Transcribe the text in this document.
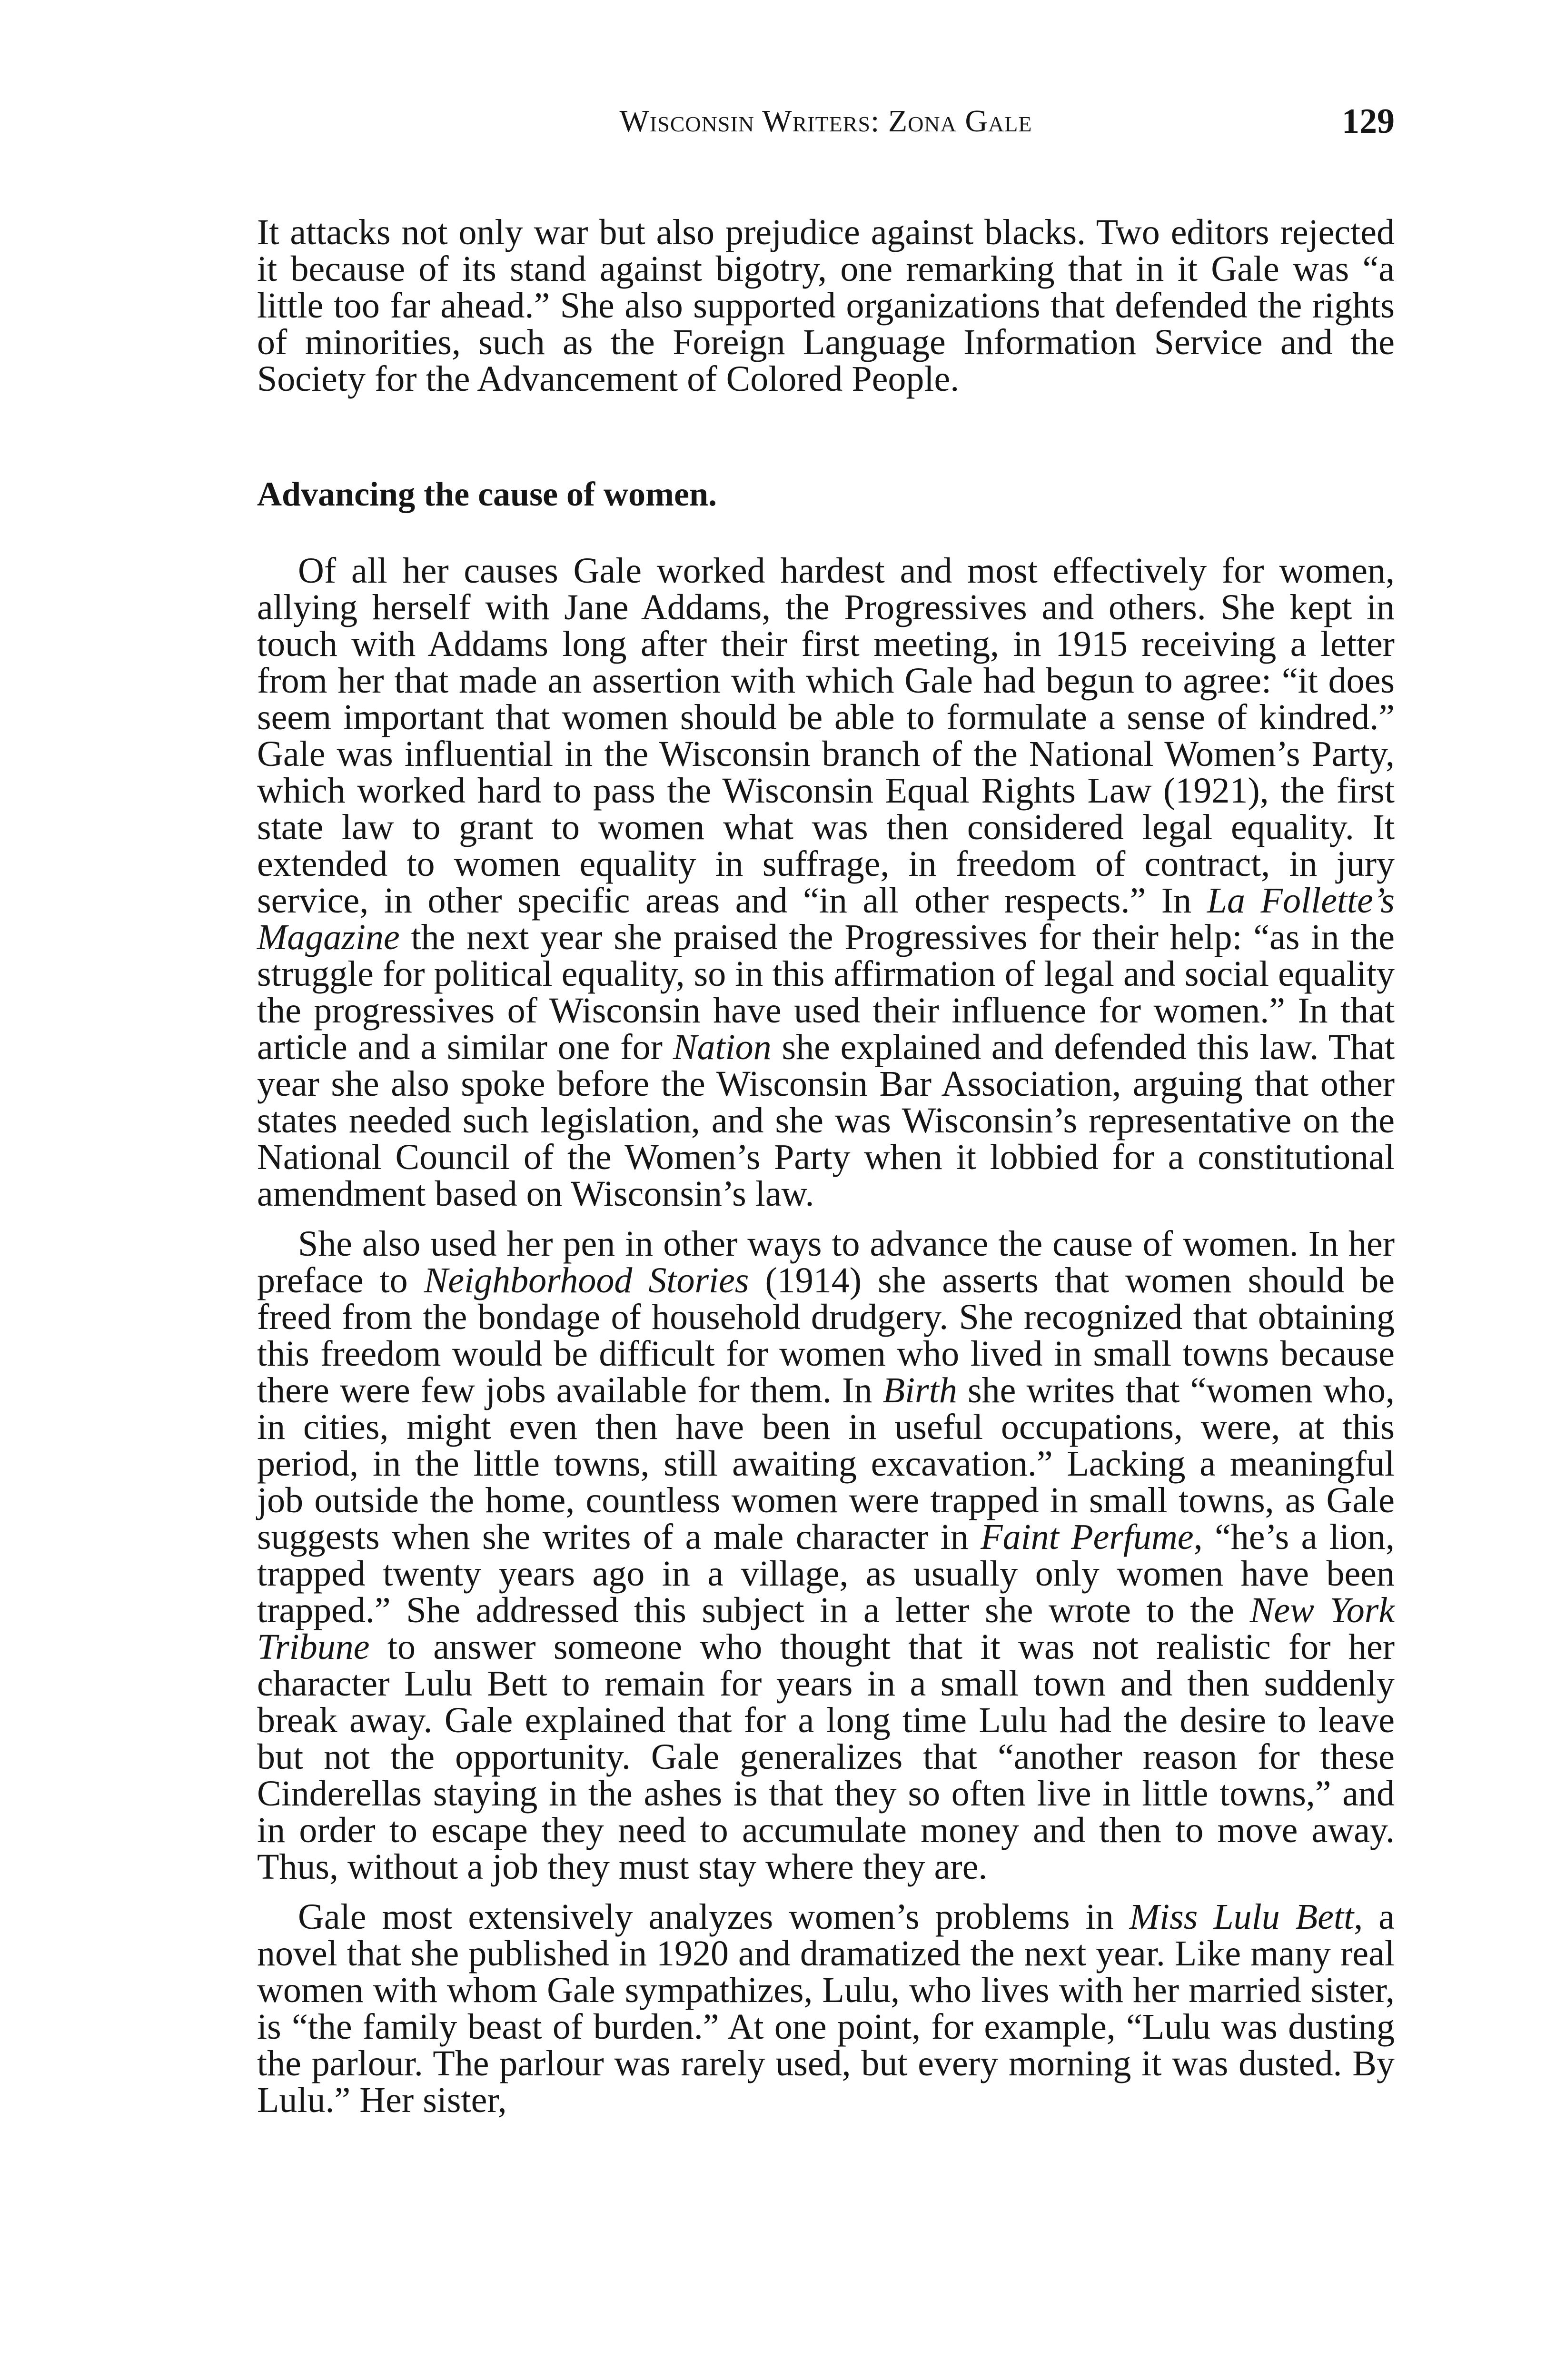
Wisconsin Writers: Zona Gale	129

It attacks not only war but also prejudice against blacks. Two editors rejected it because of its stand against bigotry, one remarking that in it Gale was “a little too far ahead.” She also supported organizations that defended the rights of minorities, such as the Foreign Language Information Service and the Society for the Advancement of Colored People.

Advancing the cause of women.

Of all her causes Gale worked hardest and most effectively for women, allying herself with Jane Addams, the Progressives and others. She kept in touch with Addams long after their first meeting, in 1915 receiving a letter from her that made an assertion with which Gale had begun to agree: “it does seem important that women should be able to formulate a sense of kindred.” Gale was influential in the Wisconsin branch of the National Women’s Party, which worked hard to pass the Wisconsin Equal Rights Law (1921), the first state law to grant to women what was then considered legal equality. It extended to women equality in suffrage, in freedom of contract, in jury service, in other specific areas and “in all other respects.” In La Follette’s Magazine the next year she praised the Progressives for their help: “as in the struggle for political equality, so in this affirmation of legal and social equality the progressives of Wisconsin have used their influence for women.” In that article and a similar one for Nation she explained and defended this law. That year she also spoke before the Wisconsin Bar Association, arguing that other states needed such legislation, and she was Wisconsin’s representative on the National Council of the Women’s Party when it lobbied for a constitutional amendment based on Wisconsin’s law.

She also used her pen in other ways to advance the cause of women. In her preface to Neighborhood Stories (1914) she asserts that women should be freed from the bondage of household drudgery. She recognized that obtaining this freedom would be difficult for women who lived in small towns because there were few jobs available for them. In Birth she writes that “women who, in cities, might even then have been in useful occupations, were, at this period, in the little towns, still awaiting excavation.” Lacking a meaningful job outside the home, countless women were trapped in small towns, as Gale suggests when she writes of a male character in Faint Perfume, “he’s a lion, trapped twenty years ago in a village, as usually only women have been trapped.” She addressed this subject in a letter she wrote to the New York Tribune to answer someone who thought that it was not realistic for her character Lulu Bett to remain for years in a small town and then suddenly break away. Gale explained that for a long time Lulu had the desire to leave but not the opportunity. Gale generalizes that “another reason for these Cinderellas staying in the ashes is that they so often live in little towns,” and in order to escape they need to accumulate money and then to move away. Thus, without a job they must stay where they are.

Gale most extensively analyzes women’s problems in Miss Lulu Bett, a novel that she published in 1920 and dramatized the next year. Like many real women with whom Gale sympathizes, Lulu, who lives with her married sister, is “the family beast of burden.” At one point, for example, “Lulu was dusting the parlour. The parlour was rarely used, but every morning it was dusted. By Lulu.” Her sister,
